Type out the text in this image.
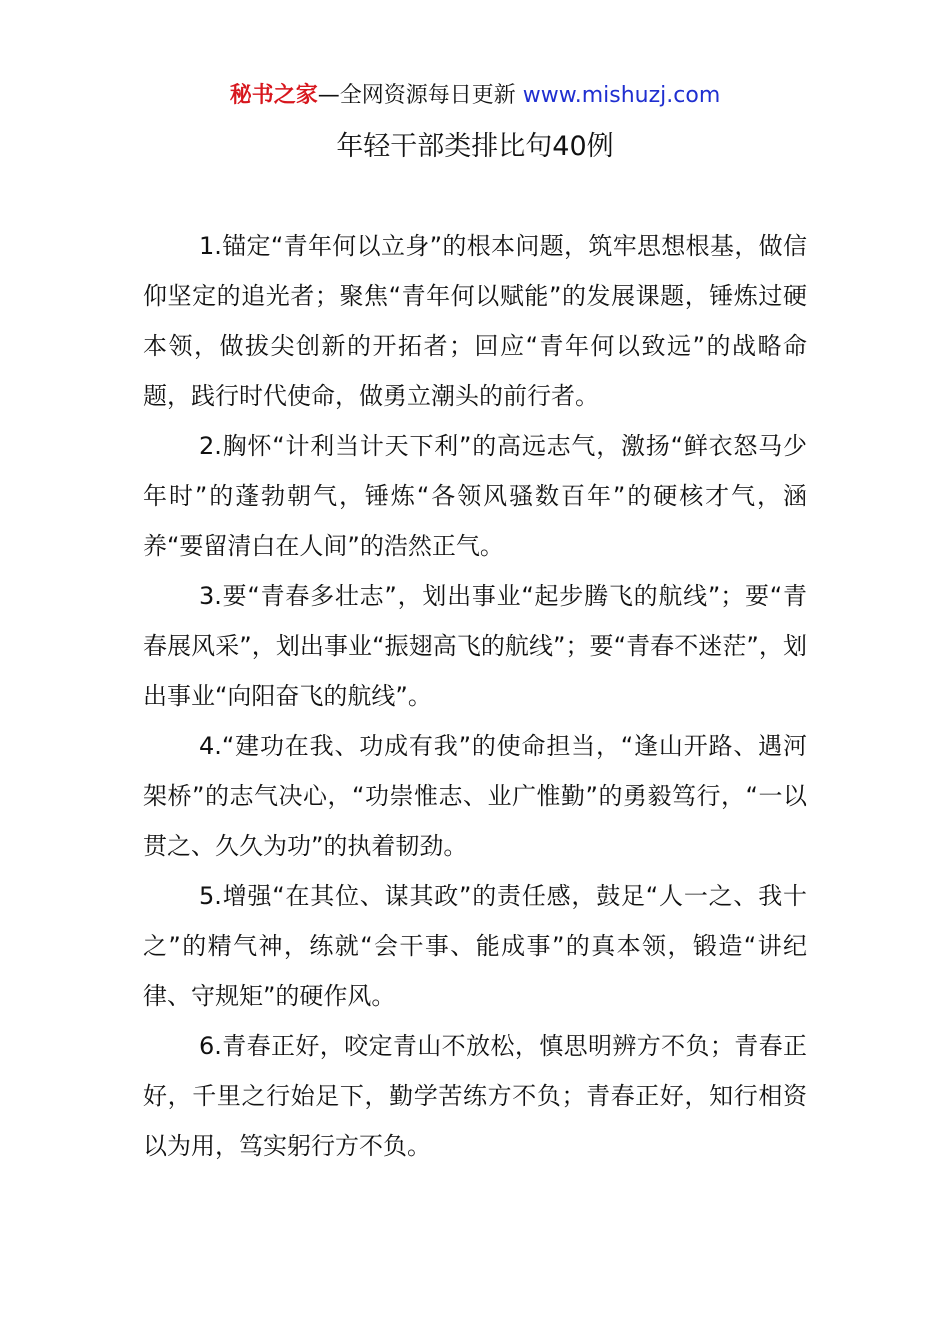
秘书之家—全网资源每日更新 www.mishuzj.com
年轻干部类排比句40例

1.锚定“青年何以立身”的根本问题，筑牢思想根基，做信仰坚定的追光者；聚焦“青年何以赋能”的发展课题，锤炼过硬本领，做拔尖创新的开拓者；回应“青年何以致远”的战略命题，践行时代使命，做勇立潮头的前行者。

2.胸怀“计利当计天下利”的高远志气，激扬“鲜衣怒马少年时”的蓬勃朝气，锤炼“各领风骚数百年”的硬核才气，涵养“要留清白在人间”的浩然正气。

3.要“青春多壮志”，划出事业“起步腾飞的航线”；要“青春展风采”，划出事业“振翅高飞的航线”；要“青春不迷茫”，划出事业“向阳奋飞的航线”。

4.“建功在我、功成有我”的使命担当，“逢山开路、遇河架桥”的志气决心，“功崇惟志、业广惟勤”的勇毅笃行，“一以贯之、久久为功”的执着韧劲。

5.增强“在其位、谋其政”的责任感，鼓足“人一之、我十之”的精气神，练就“会干事、能成事”的真本领，锻造“讲纪律、守规矩”的硬作风。

6.青春正好，咬定青山不放松，慎思明辨方不负；青春正好，千里之行始足下，勤学苦练方不负；青春正好，知行相资以为用，笃实躬行方不负。
